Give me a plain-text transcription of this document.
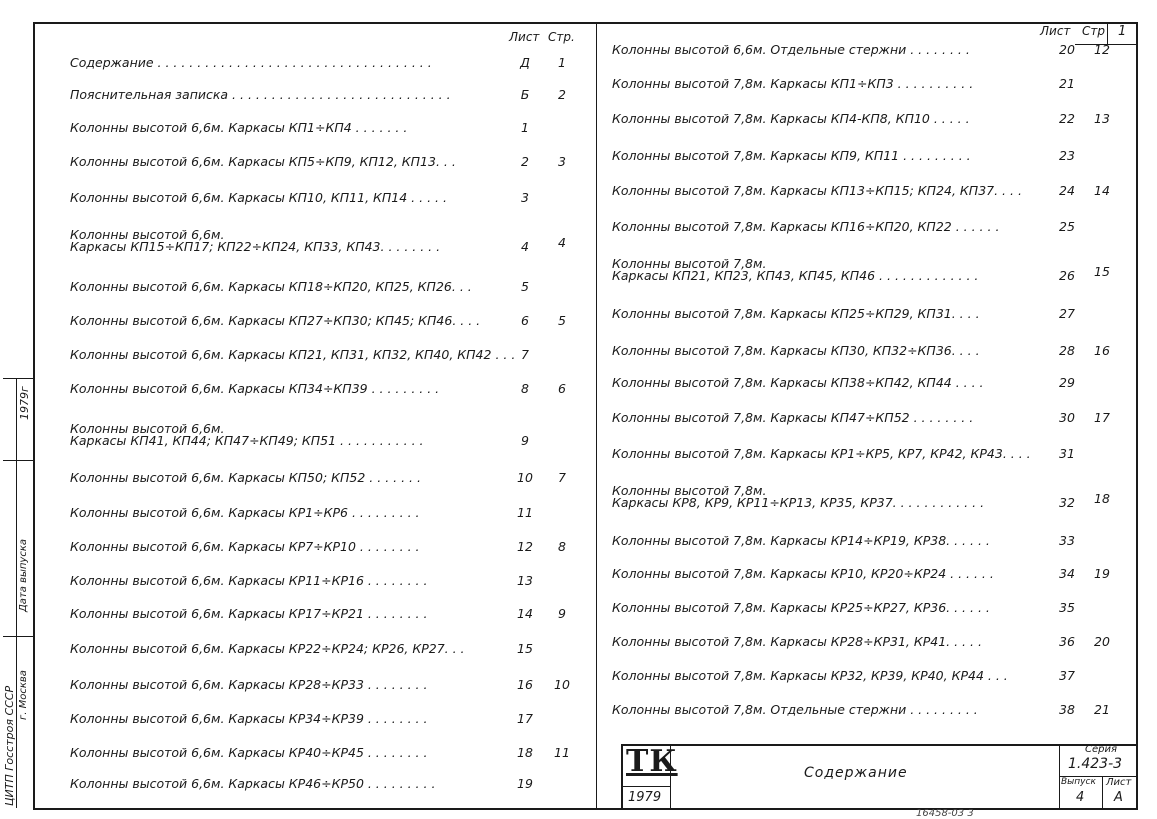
1
1979г
Дата выпуска
ЦИТП Госстроя СССР г. Москва
Лист Стр.
Содержание . . . . . . . . . . . . . . . . . . . . . . . . . . . . . . . . . . .	Д	1
Пояснительная записка . . . . . . . . . . . . . . . . . . . . . . . . . . . .	Б	2
Колонны высотой 6,6м. Каркасы КП1÷КП4 . . . . . . .	1
Колонны высотой 6,6м. Каркасы КП5÷КП9, КП12, КП13. . .	2	3
Колонны высотой 6,6м. Каркасы КП10, КП11, КП14 . . . . .	3
Колонны высотой 6,6м.
Каркасы КП15÷КП17; КП22÷КП24, КП33, КП43. . . . . . . .	4	4
Колонны высотой 6,6м. Каркасы КП18÷КП20, КП25, КП26. . .	5
Колонны высотой 6,6м. Каркасы КП27÷КП30; КП45; КП46. . . .	6	5
Колонны высотой 6,6м. Каркасы КП21, КП31, КП32, КП40, КП42 . . . 7
Колонны высотой 6,6м. Каркасы КП34÷КП39 . . . . . . . . .	8	6
Колонны высотой 6,6м.
Каркасы КП41, КП44; КП47÷КП49; КП51 . . . . . . . . . . .	9
Колонны высотой 6,6м. Каркасы КП50; КП52 . . . . . . .	10	7
Колонны высотой 6,6м. Каркасы КР1÷КР6 . . . . . . . . .	11
Колонны высотой 6,6м. Каркасы КР7÷КР10 . . . . . . . .	12	8
Колонны высотой 6,6м. Каркасы КР11÷КР16 . . . . . . . .	13
Колонны высотой 6,6м. Каркасы КР17÷КР21 . . . . . . . .	14	9
Колонны высотой 6,6м. Каркасы КР22÷КР24; КР26, КР27. . .	15
Колонны высотой 6,6м. Каркасы КР28÷КР33 . . . . . . . .	16	10
Колонны высотой 6,6м. Каркасы КР34÷КР39 . . . . . . . .	17
Колонны высотой 6,6м. Каркасы КР40÷КР45 . . . . . . . .	18	11
Колонны высотой 6,6м. Каркасы КР46÷КР50 . . . . . . . . .	19
Лист Стр
Колонны высотой 6,6м. Отдельные стержни . . . . . . . .	20	12
Колонны высотой 7,8м. Каркасы КП1÷КП3 . . . . . . . . . .	21
Колонны высотой 7,8м. Каркасы КП4-КП8, КП10 . . . . .	22	13
Колонны высотой 7,8м. Каркасы КП9, КП11 . . . . . . . . .	23
Колонны высотой 7,8м. Каркасы КП13÷КП15; КП24, КП37. . . .	24	14
Колонны высотой 7,8м. Каркасы КП16÷КП20, КП22 . . . . . .	25
Колонны высотой 7,8м.
Каркасы КП21, КП23, КП43, КП45, КП46 . . . . . . . . . . . . .	26	15
Колонны высотой 7,8м. Каркасы КП25÷КП29, КП31. . . .	27
Колонны высотой 7,8м. Каркасы КП30, КП32÷КП36. . . .	28	16
Колонны высотой 7,8м. Каркасы КП38÷КП42, КП44 . . . .	29
Колонны высотой 7,8м. Каркасы КП47÷КП52 . . . . . . . .	30	17
Колонны высотой 7,8м. Каркасы КР1÷КР5, КР7, КР42, КР43. . . .	31
Колонны высотой 7,8м.
Каркасы КР8, КР9, КР11÷КР13, КР35, КР37. . . . . . . . . . . .	32	18
Колонны высотой 7,8м. Каркасы КР14÷КР19, КР38. . . . . .	33
Колонны высотой 7,8м. Каркасы КР10, КР20÷КР24 . . . . . .	34	19
Колонны высотой 7,8м. Каркасы КР25÷КР27, КР36. . . . . .	35
Колонны высотой 7,8м. Каркасы КР28÷КР31, КР41. . . . .	36	20
Колонны высотой 7,8м. Каркасы КР32, КР39, КР40, КР44 . . .	37
Колонны высотой 7,8м. Отдельные стержни . . . . . . . . .	38	21
ТК
1979
Содержание
Серия
1.423-3
Выпуск
4
Лист
А
16458-03 3
